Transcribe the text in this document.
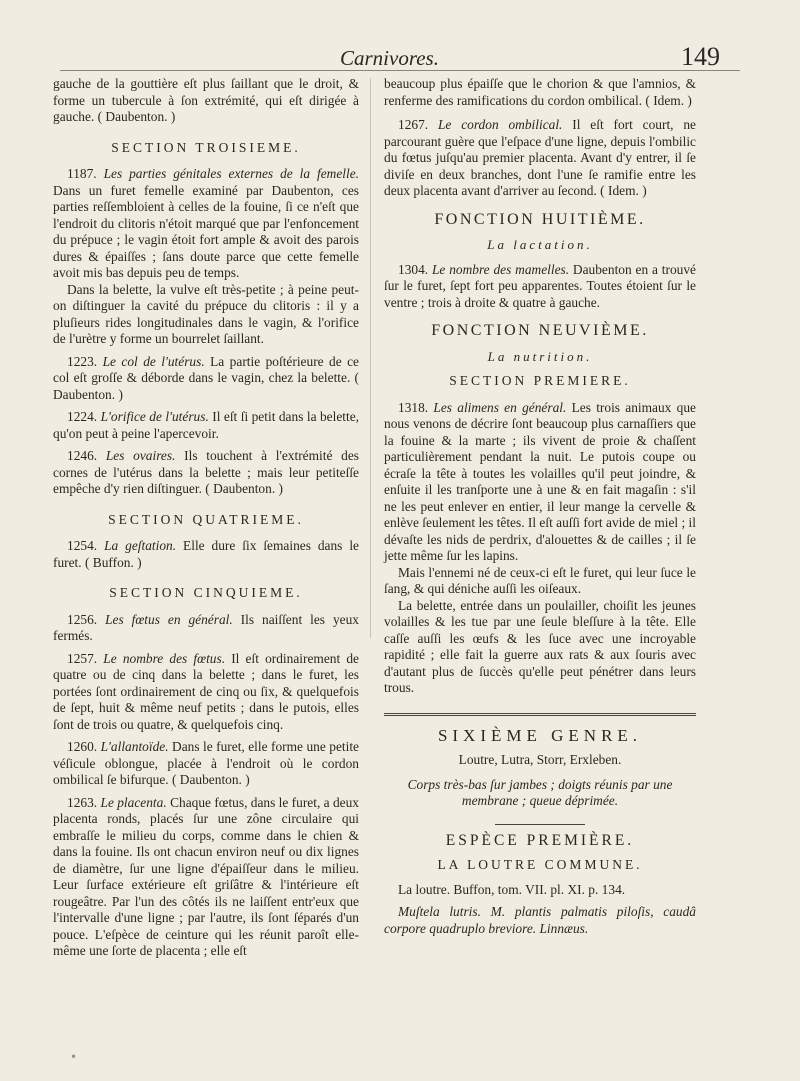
Carnivores.	149

gauche de la gouttière eſt plus ſaillant que le droit, & forme un tubercule à ſon extrémité, qui eſt dirigée à gauche. ( Daubenton. )

SECTION TROISIEME.

1187. Les parties génitales externes de la femelle. Dans un furet femelle examiné par Daubenton, ces parties reſſembloient à celles de la fouine, ſi ce n'eſt que l'endroit du clitoris n'étoit marqué que par l'enfoncement du prépuce ; le vagin étoit fort ample & avoit des parois dures & épaiſſes ; ſans doute parce que cette femelle avoit mis bas depuis peu de temps.

Dans la belette, la vulve eſt très-petite ; à peine peut-on diſtinguer la cavité du prépuce du clitoris : il y a pluſieurs rides longitudinales dans le vagin, & l'orifice de l'urètre y forme un bourrelet ſaillant.

1223. Le col de l'utérus. La partie poſtérieure de ce col eſt groſſe & déborde dans le vagin, chez la belette. ( Daubenton. )

1224. L'orifice de l'utérus. Il eſt ſi petit dans la belette, qu'on peut à peine l'apercevoir.

1246. Les ovaires. Ils touchent à l'extrémité des cornes de l'utérus dans la belette ; mais leur petiteſſe empêche d'y rien diſtinguer. ( Daubenton. )

SECTION QUATRIEME.

1254. La geſtation. Elle dure ſix ſemaines dans le furet. ( Buffon. )

SECTION CINQUIEME.

1256. Les fœtus en général. Ils naiſſent les yeux fermés.

1257. Le nombre des fœtus. Il eſt ordinairement de quatre ou de cinq dans la belette ; dans le furet, les portées ſont ordinairement de cinq ou ſix, & quelquefois de ſept, huit & même neuf petits ; dans le putois, elles ſont de trois ou quatre, & quelquefois cinq.

1260. L'allantoïde. Dans le furet, elle forme une petite véſicule oblongue, placée à l'endroit où le cordon ombilical ſe bifurque. ( Daubenton. )

1263. Le placenta. Chaque fœtus, dans le furet, a deux placenta ronds, placés ſur une zône circulaire qui embraſſe le milieu du corps, comme dans le chien & dans la fouine. Ils ont chacun environ neuf ou dix lignes de diamètre, ſur une ligne d'épaiſſeur dans le milieu. Leur ſurface extérieure eſt griſâtre & l'intérieure eſt rougeâtre. Par l'un des côtés ils ne laiſſent entr'eux que l'intervalle d'une ligne ; par l'autre, ils ſont ſéparés d'un pouce. L'eſpèce de ceinture qui les réunit paroît elle-même une ſorte de placenta ; elle eſt

beaucoup plus épaiſſe que le chorion & que l'amnios, & renferme des ramifications du cordon ombilical. ( Idem. )

1267. Le cordon ombilical. Il eſt fort court, ne parcourant guère que l'eſpace d'une ligne, depuis l'ombilic du fœtus juſqu'au premier placenta. Avant d'y entrer, il ſe diviſe en deux branches, dont l'une ſe ramifie entre les deux placenta avant d'arriver au ſecond. ( Idem. )

FONCTION HUITIÈME.
La lactation.

1304. Le nombre des mamelles. Daubenton en a trouvé ſur le furet, ſept fort peu apparentes. Toutes étoient ſur le ventre ; trois à droite & quatre à gauche.

FONCTION NEUVIÈME.
La nutrition.
SECTION PREMIERE.

1318. Les alimens en général. Les trois animaux que nous venons de décrire ſont beaucoup plus carnaſſiers que la fouine & la marte ; ils vivent de proie & chaſſent particulièrement pendant la nuit. Le putois coupe ou écraſe la tête à toutes les volailles qu'il peut joindre, & enſuite il les tranſporte une à une & en fait magaſin : s'il ne les peut enlever en entier, il leur mange la cervelle & enlève ſeulement les têtes. Il eſt auſſi fort avide de miel ; il dévaſte les nids de perdrix, d'alouettes & de cailles ; il ſe jette même ſur les lapins.

Mais l'ennemi né de ceux-ci eſt le furet, qui leur ſuce le ſang, & qui déniche auſſi les oiſeaux.

La belette, entrée dans un poulailler, choiſit les jeunes volailles & les tue par une ſeule bleſſure à la tête. Elle caſſe auſſi les œufs & les ſuce avec une incroyable rapidité ; elle fait la guerre aux rats & aux ſouris avec d'autant plus de ſuccès qu'elle peut pénétrer dans leurs trous.

SIXIÈME GENRE.

Loutre, Lutra, Storr, Erxleben.

Corps très-bas ſur jambes ; doigts réunis par une membrane ; queue déprimée.

ESPÈCE PREMIÈRE.
LA LOUTRE COMMUNE.

La loutre. Buffon, tom. VII. pl. XI. p. 134.

Muſtela lutris. M. plantis palmatis piloſis, caudâ corpore quadruplo breviore. Linnæus.

•
